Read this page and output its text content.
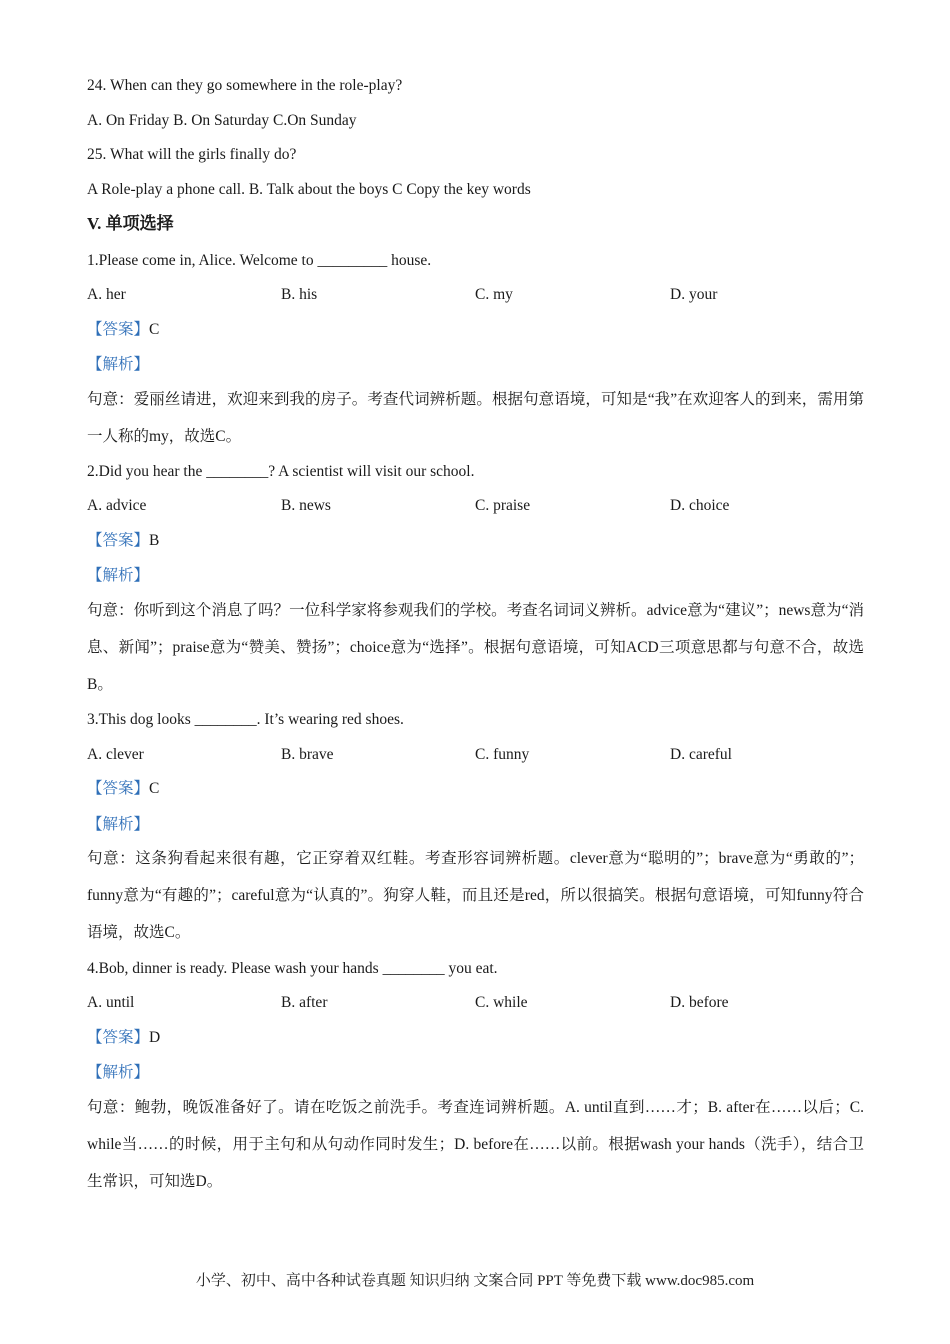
24. When can they go somewhere in the role-play?
A. On Friday B. On Saturday C.On Sunday
25. What will the girls finally do?
A Role-play a phone call. B. Talk about the boys C Copy the key words
V. 单项选择
1.Please come in, Alice. Welcome to _________ house.
A. her	B. his	C. my	D. your
【答案】C
【解析】
句意：爱丽丝请进，欢迎来到我的房子。考查代词辨析题。根据句意语境，可知是“我”在欢迎客人的到来，需用第一人称的my，故选C。
2.Did you hear the ________? A scientist will visit our school.
A. advice	B. news	C. praise	D. choice
【答案】B
【解析】
句意：你听到这个消息了吗？一位科学家将参观我们的学校。考查名词词义辨析。advice意为“建议”；news意为“消息、新闻”；praise意为“赞美、赞扬”；choice意为“选择”。根据句意语境，可知ACD三项意思都与句意不合，故选B。
3.This dog looks ________. It’s wearing red shoes.
A. clever	B. brave	C. funny	D. careful
【答案】C
【解析】
句意：这条狗看起来很有趣，它正穿着双红鞋。考查形容词辨析题。clever意为“聪明的”；brave意为“勇敢的”；funny意为“有趣的”；careful意为“认真的”。狗穿人鞋，而且还是red，所以很搞笑。根据句意语境，可知funny符合语境，故选C。
4.Bob, dinner is ready. Please wash your hands ________ you eat.
A. until	B. after	C. while	D. before
【答案】D
【解析】
句意：鲍勃，晚饭准备好了。请在吃饭之前洗手。考查连词辨析题。A. until直到……才；B. after在……以后；C. while当……的时候，用于主句和从句动作同时发生；D. before在……以前。根据wash your hands（洗手），结合卫生常识，可知选D。
小学、初中、高中各种试卷真题 知识归纳 文案合同 PPT 等免费下载 www.doc985.com
